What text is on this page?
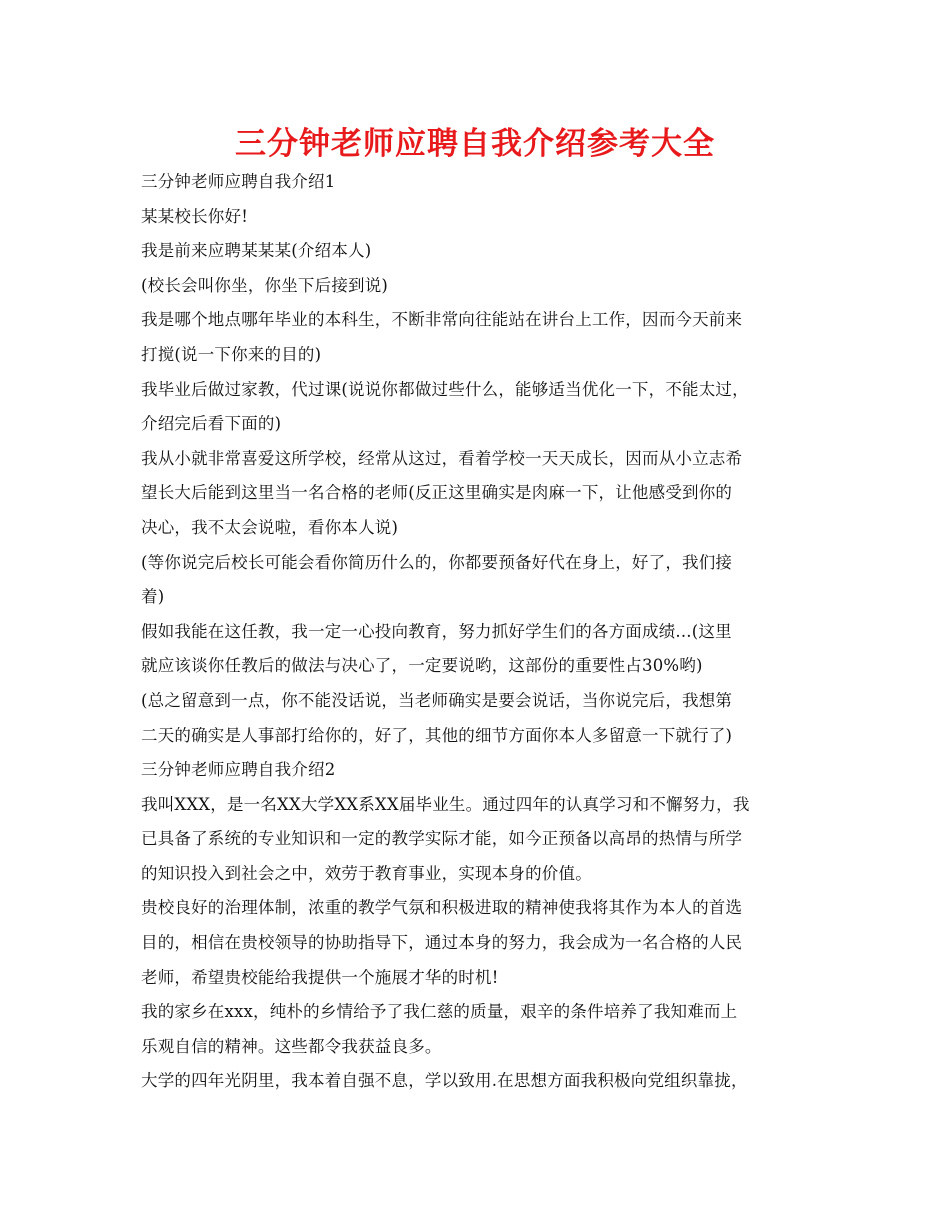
三分钟老师应聘自我介绍参考大全

三分钟老师应聘自我介绍1

某某校长你好!

我是前来应聘某某某(介绍本人)

(校长会叫你坐，你坐下后接到说)

我是哪个地点哪年毕业的本科生，不断非常向往能站在讲台上工作，因而今天前来

打搅(说一下你来的目的)

我毕业后做过家教，代过课(说说你都做过些什么，能够适当优化一下，不能太过，

介绍完后看下面的)

我从小就非常喜爱这所学校，经常从这过，看着学校一天天成长，因而从小立志希

望长大后能到这里当一名合格的老师(反正这里确实是肉麻一下，让他感受到你的

决心，我不太会说啦，看你本人说)

(等你说完后校长可能会看你简历什么的，你都要预备好代在身上，好了，我们接

着)

假如我能在这任教，我一定一心投向教育，努力抓好学生们的各方面成绩...(这里

就应该谈你任教后的做法与决心了，一定要说哟，这部份的重要性占30%哟)

(总之留意到一点，你不能没话说，当老师确实是要会说话，当你说完后，我想第

二天的确实是人事部打给你的，好了，其他的细节方面你本人多留意一下就行了)

三分钟老师应聘自我介绍2

我叫XXX，是一名XX大学XX系XX届毕业生。通过四年的认真学习和不懈努力，我

已具备了系统的专业知识和一定的教学实际才能，如今正预备以高昂的热情与所学

的知识投入到社会之中，效劳于教育事业，实现本身的价值。

贵校良好的治理体制，浓重的教学气氛和积极进取的精神使我将其作为本人的首选

目的，相信在贵校领导的协助指导下，通过本身的努力，我会成为一名合格的人民

老师，希望贵校能给我提供一个施展才华的时机!

我的家乡在xxx，纯朴的乡情给予了我仁慈的质量，艰辛的条件培养了我知难而上

乐观自信的精神。这些都令我获益良多。

大学的四年光阴里，我本着自强不息，学以致用.在思想方面我积极向党组织靠拢，
